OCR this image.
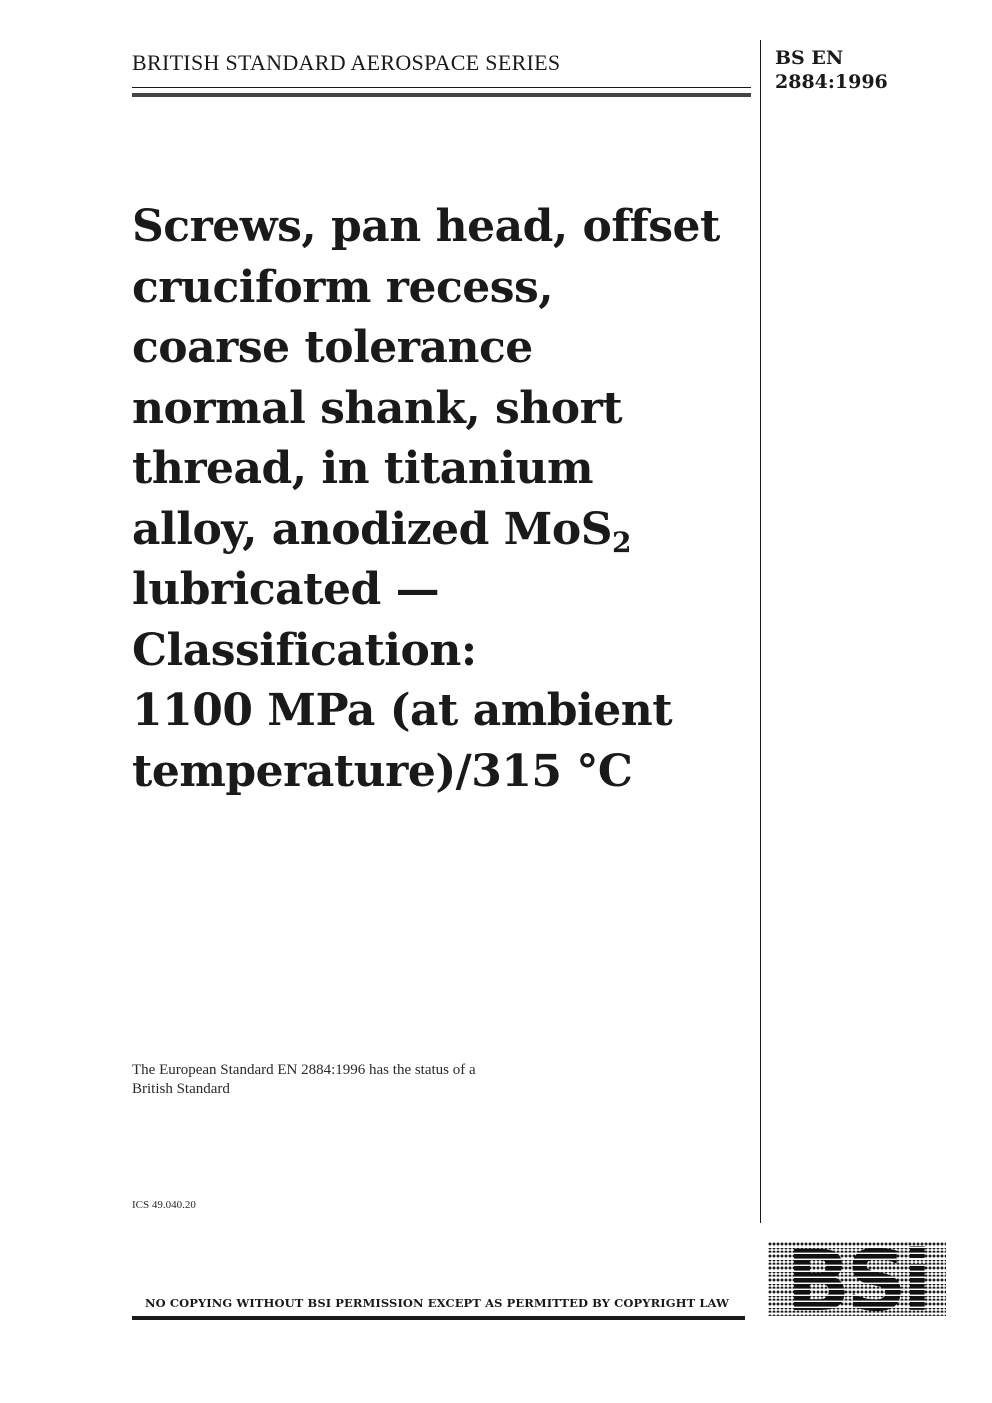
BRITISH STANDARD AEROSPACE SERIES	BS EN
2884:1996
Screws, pan head, offset
cruciform recess,
coarse tolerance
normal shank, short
thread, in titanium
alloy, anodized MoS$_2$
lubricated —
Classification:
1100 MPa (at ambient
temperature)/315 °C
The European Standard EN 2884:1996 has the status of a
British Standard
ICS 49.040.20
NO COPYING WITHOUT BSI PERMISSION EXCEPT AS PERMITTED BY COPYRIGHT LAW
